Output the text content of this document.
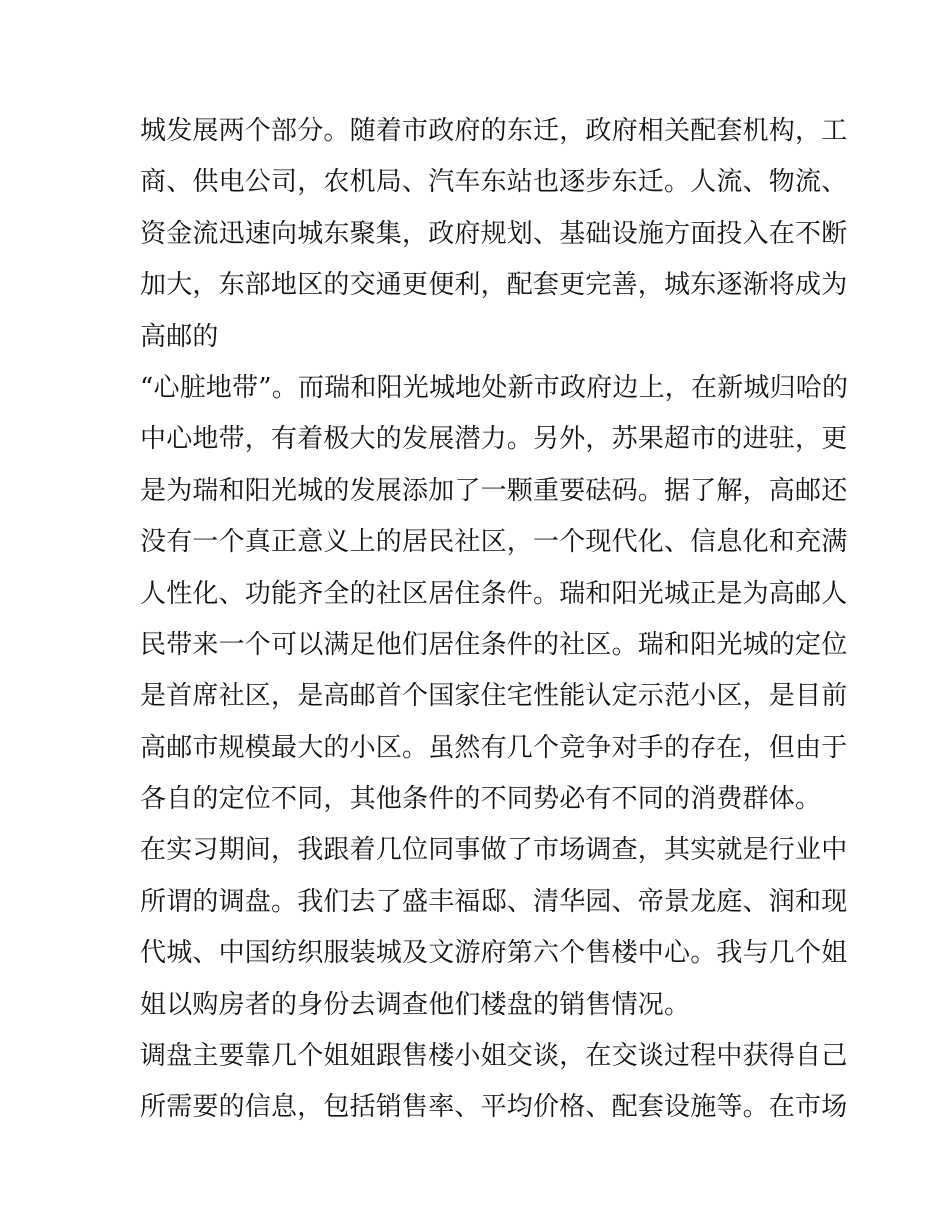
城发展两个部分。随着市政府的东迁，政府相关配套机构，工
商、供电公司，农机局、汽车东站也逐步东迁。人流、物流、
资金流迅速向城东聚集，政府规划、基础设施方面投入在不断
加大，东部地区的交通更便利，配套更完善，城东逐渐将成为
高邮的
“心脏地带”。而瑞和阳光城地处新市政府边上，在新城归哈的
中心地带，有着极大的发展潜力。另外，苏果超市的进驻，更
是为瑞和阳光城的发展添加了一颗重要砝码。据了解，高邮还
没有一个真正意义上的居民社区，一个现代化、信息化和充满
人性化、功能齐全的社区居住条件。瑞和阳光城正是为高邮人
民带来一个可以满足他们居住条件的社区。瑞和阳光城的定位
是首席社区，是高邮首个国家住宅性能认定示范小区，是目前
高邮市规模最大的小区。虽然有几个竞争对手的存在，但由于
各自的定位不同，其他条件的不同势必有不同的消费群体。
在实习期间，我跟着几位同事做了市场调查，其实就是行业中
所谓的调盘。我们去了盛丰福邸、清华园、帝景龙庭、润和现
代城、中国纺织服装城及文游府第六个售楼中心。我与几个姐
姐以购房者的身份去调查他们楼盘的销售情况。
调盘主要靠几个姐姐跟售楼小姐交谈，在交谈过程中获得自己
所需要的信息，包括销售率、平均价格、配套设施等。在市场
